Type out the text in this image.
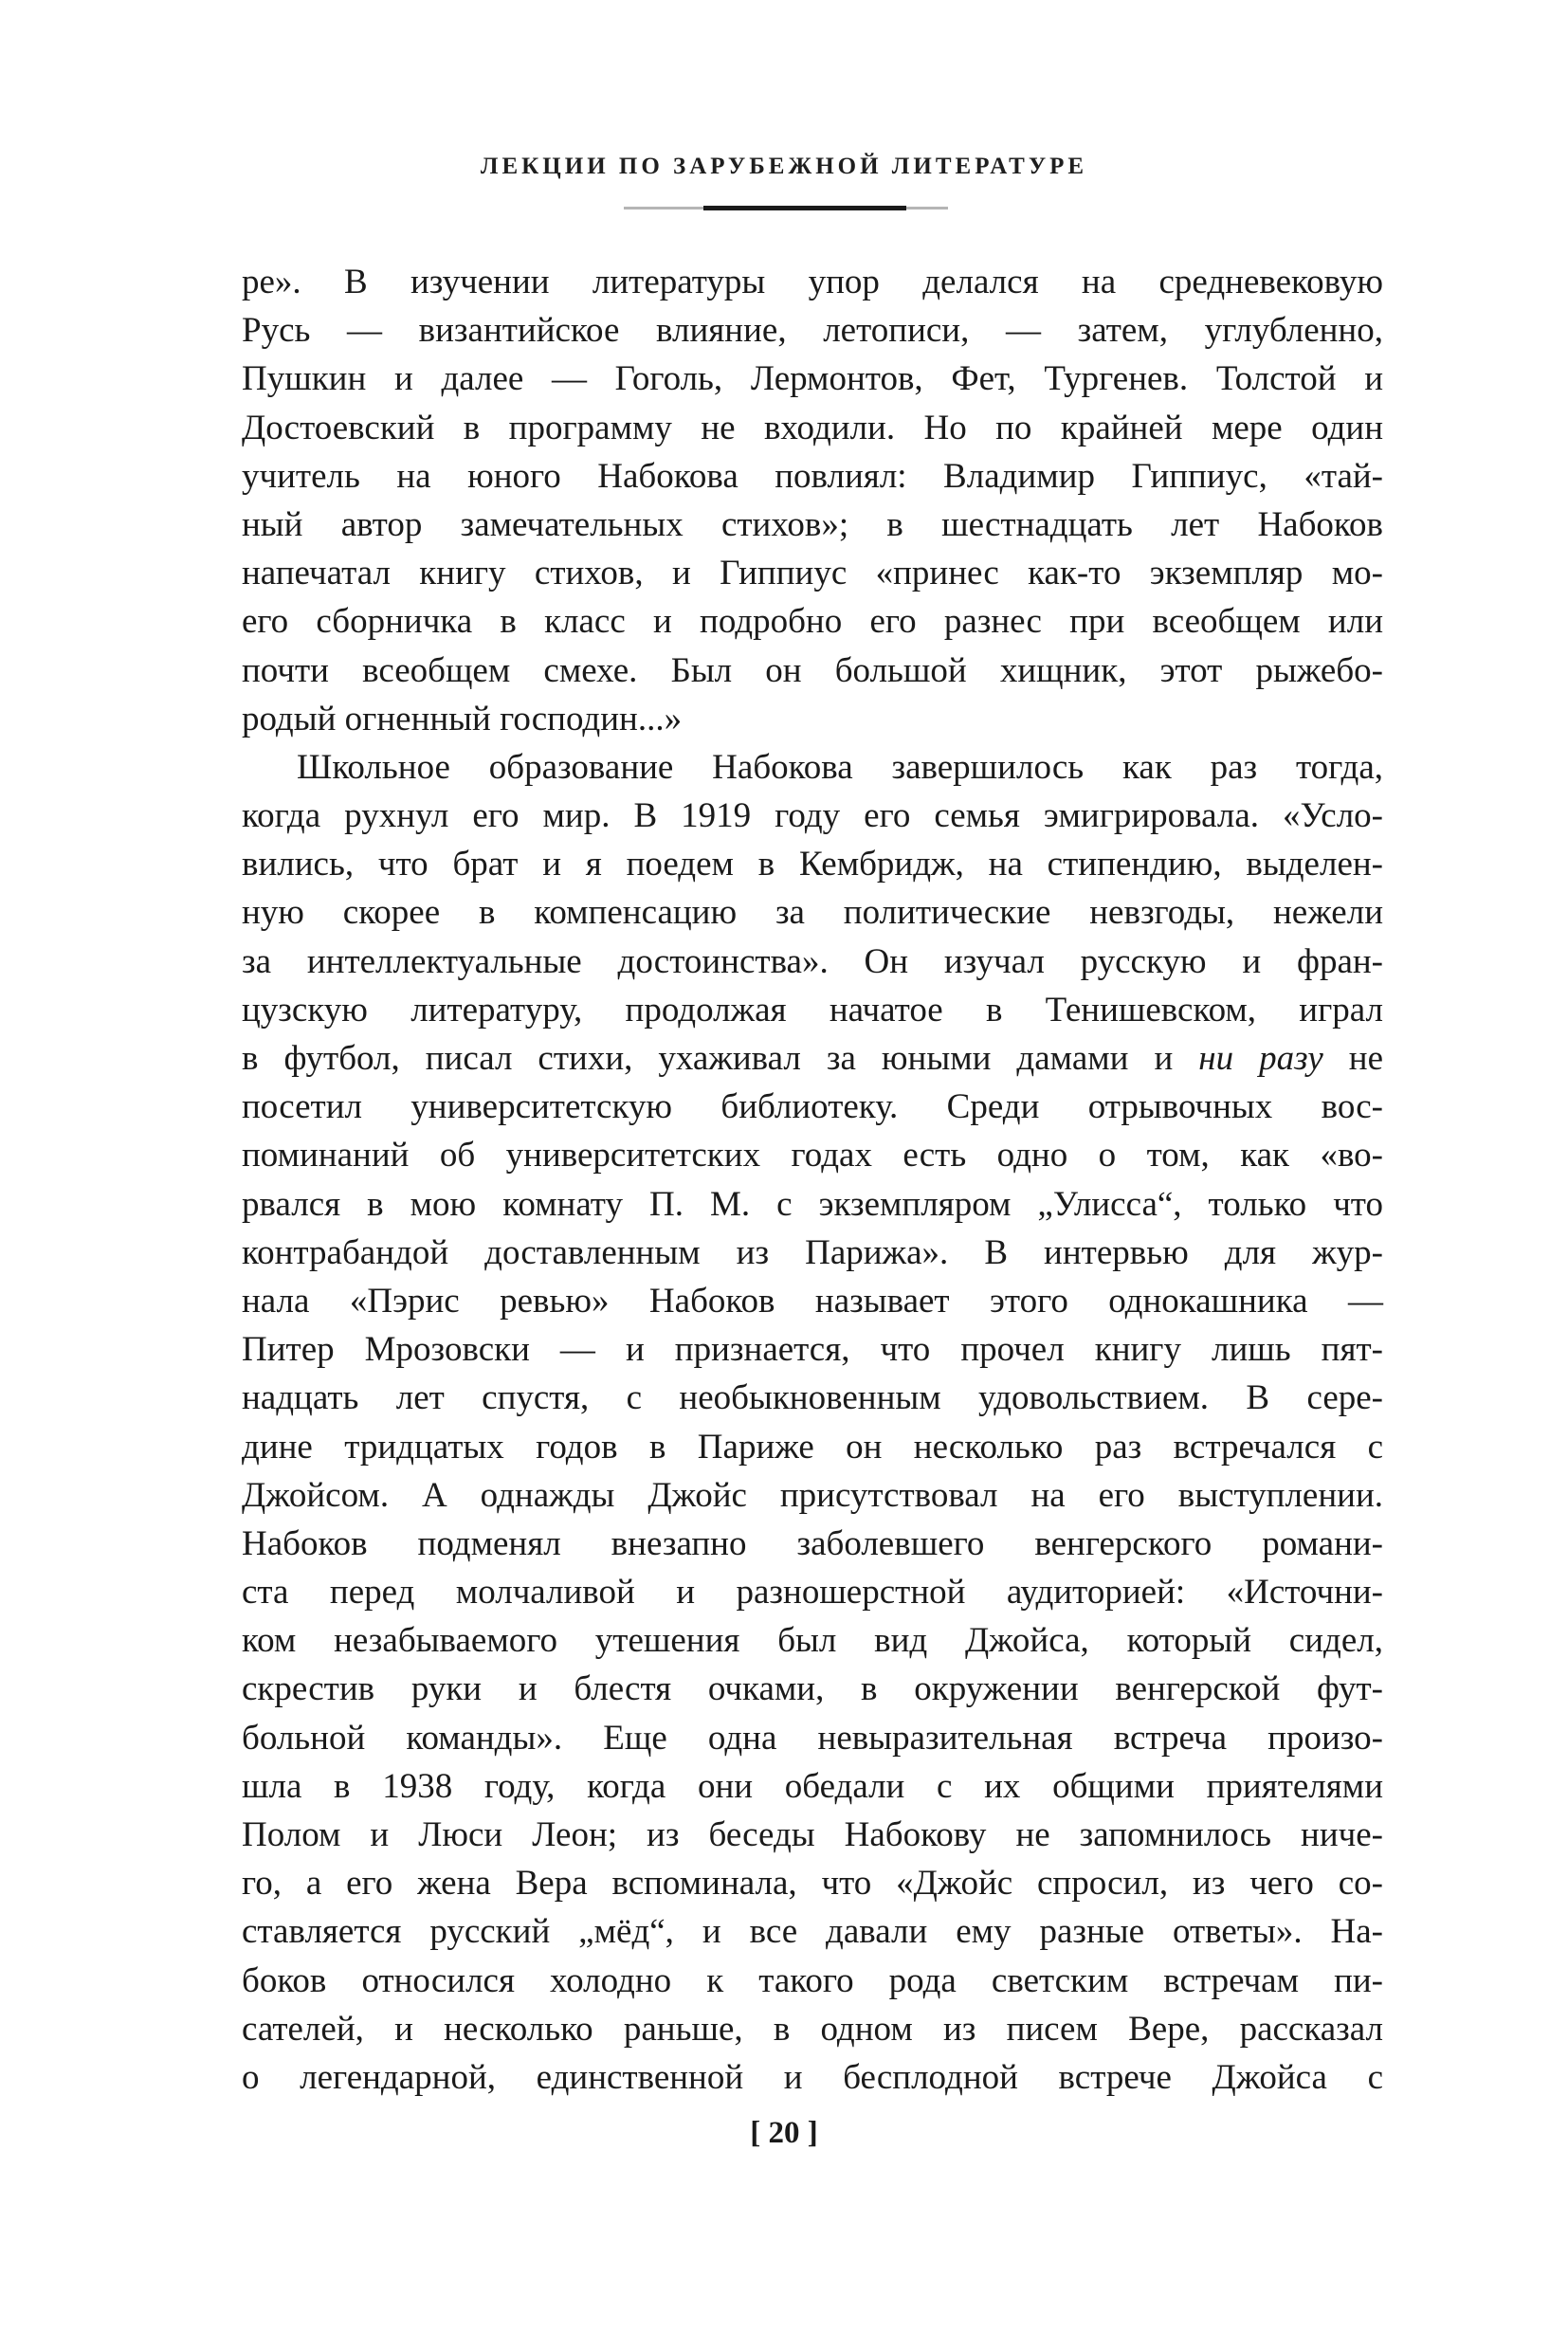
ЛЕКЦИИ ПО ЗАРУБЕЖНОЙ ЛИТЕРАТУРЕ
ре». В изучении литературы упор делался на средневековую
Русь — византийское влияние, летописи, — затем, углубленно,
Пушкин и далее — Гоголь, Лермонтов, Фет, Тургенев. Толстой и
Достоевский в программу не входили. Но по крайней мере один
учитель на юного Набокова повлиял: Владимир Гиппиус, «тай-
ный автор замечательных стихов»; в шестнадцать лет Набоков
напечатал книгу стихов, и Гиппиус «принес как-то экземпляр мо-
его сборничка в класс и подробно его разнес при всеобщем или
почти всеобщем смехе. Был он большой хищник, этот рыжебо-
родый огненный господин...»
Школьное образование Набокова завершилось как раз тогда,
когда рухнул его мир. В 1919 году его семья эмигрировала. «Усло-
вились, что брат и я поедем в Кембридж, на стипендию, выделен-
ную скорее в компенсацию за политические невзгоды, нежели
за интеллектуальные достоинства». Он изучал русскую и фран-
цузскую литературу, продолжая начатое в Тенишевском, играл
в футбол, писал стихи, ухаживал за юными дамами и ни разу не
посетил университетскую библиотеку. Среди отрывочных вос-
поминаний об университетских годах есть одно о том, как «во-
рвался в мою комнату П. М. с экземпляром „Улисса“, только что
контрабандой доставленным из Парижа». В интервью для жур-
нала «Пэрис ревью» Набоков называет этого однокашника —
Питер Мрозовски — и признается, что прочел книгу лишь пят-
надцать лет спустя, с необыкновенным удовольствием. В сере-
дине тридцатых годов в Париже он несколько раз встречался с
Джойсом. А однажды Джойс присутствовал на его выступлении.
Набоков подменял внезапно заболевшего венгерского романи-
ста перед молчаливой и разношерстной аудиторией: «Источни-
ком незабываемого утешения был вид Джойса, который сидел,
скрестив руки и блестя очками, в окружении венгерской фут-
больной команды». Еще одна невыразительная встреча произо-
шла в 1938 году, когда они обедали с их общими приятелями
Полом и Люси Леон; из беседы Набокову не запомнилось ниче-
го, а его жена Вера вспоминала, что «Джойс спросил, из чего со-
ставляется русский „мёд“, и все давали ему разные ответы». На-
боков относился холодно к такого рода светским встречам пи-
сателей, и несколько раньше, в одном из писем Вере, рассказал
о легендарной, единственной и бесплодной встрече Джойса с
[ 20 ]
